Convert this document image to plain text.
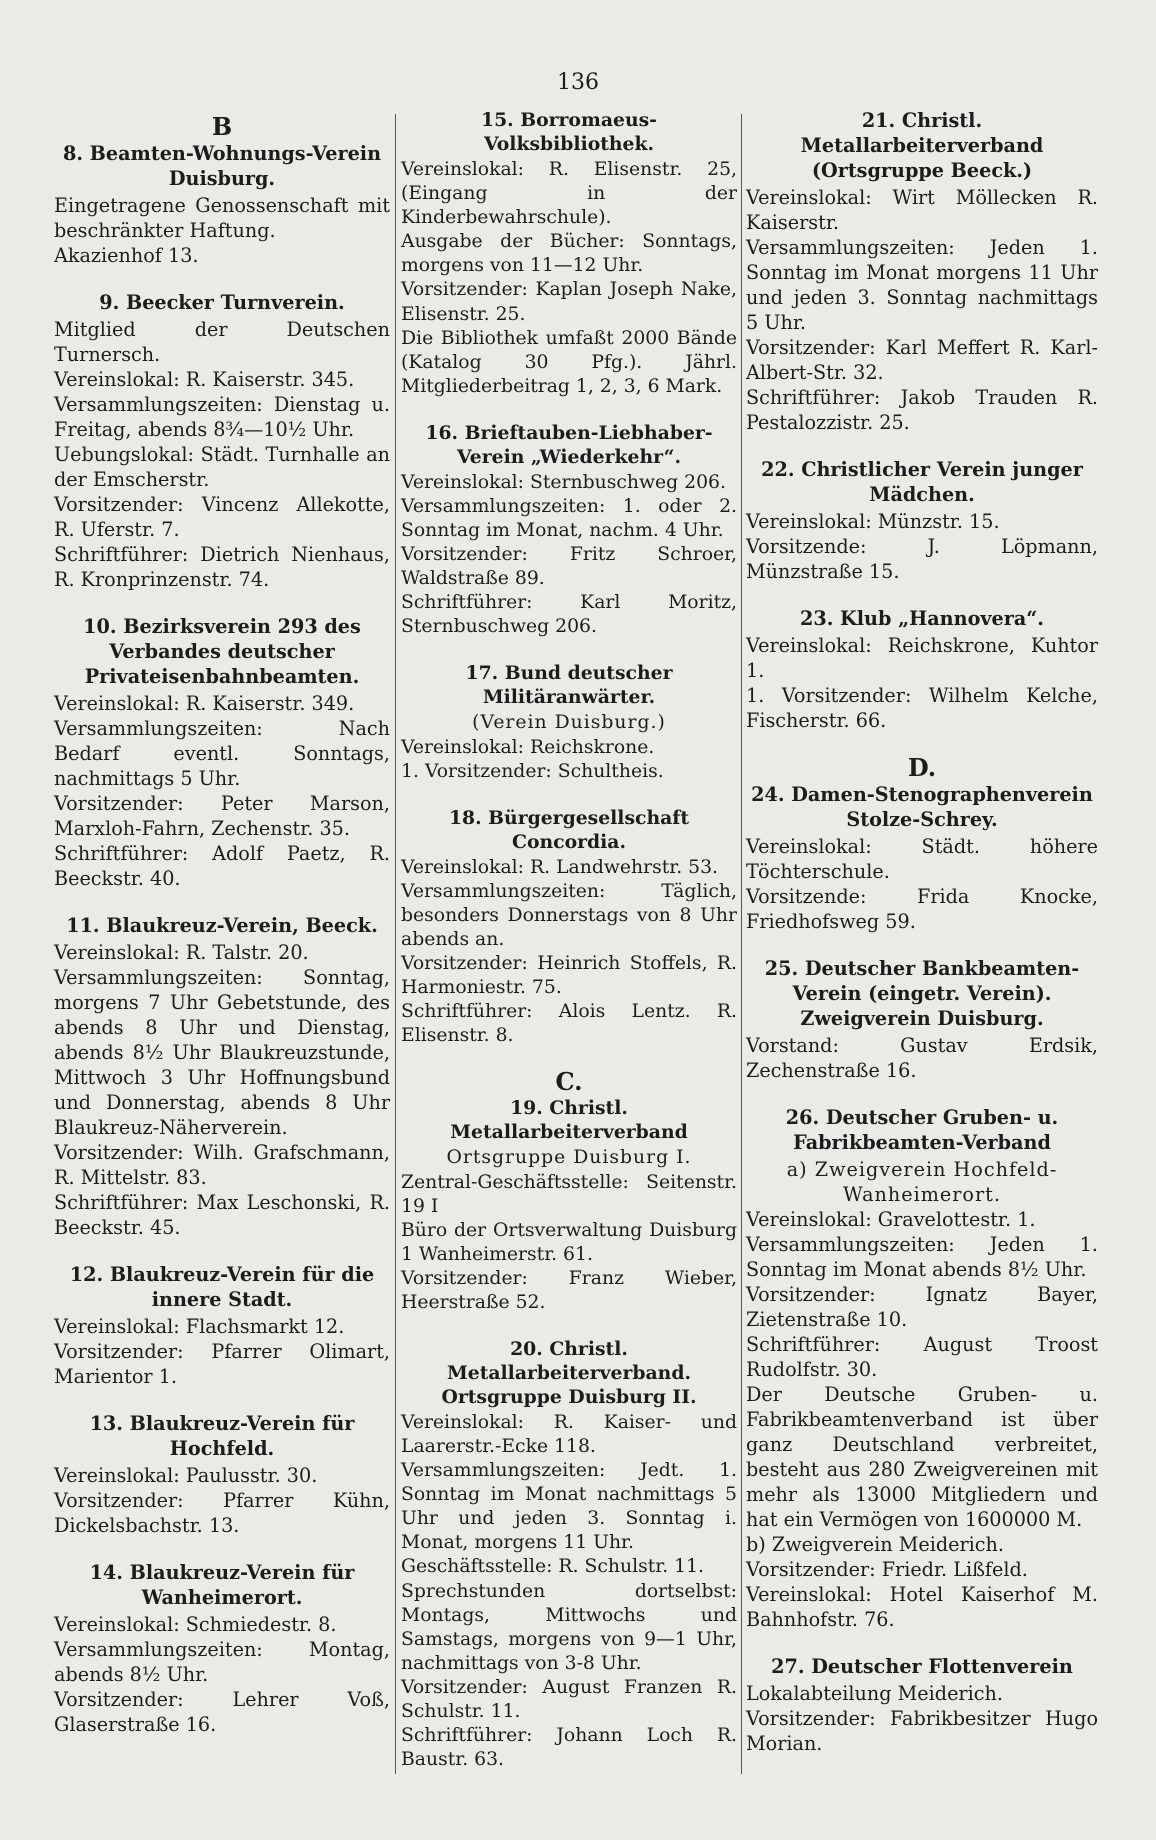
136
B
8. Beamten-Wohnungs-Verein Duisburg.
Eingetragene Genossenschaft mit beschränkter Haftung.
Akazienhof 13.
9. Beecker Turnverein.
Mitglied der Deutschen Turnersch.
Vereinslokal: R. Kaiserstr. 345.
Versammlungszeiten: Dienstag u. Freitag, abends 8¾—10½ Uhr.
Uebungslokal: Städt. Turnhalle an der Emscherstr.
Vorsitzender: Vincenz Allekotte, R. Uferstr. 7.
Schriftführer: Dietrich Nienhaus, R. Kronprinzenstr. 74.
10. Bezirksverein 293 des Verbandes deutscher Privateisenbahnbeamten.
Vereinslokal: R. Kaiserstr. 349.
Versammlungszeiten: Nach Bedarf eventl. Sonntags, nachmittags 5 Uhr.
Vorsitzender: Peter Marson, Marxloh-Fahrn, Zechenstr. 35.
Schriftführer: Adolf Paetz, R. Beeckstr. 40.
11. Blaukreuz-Verein, Beeck.
Vereinslokal: R. Talstr. 20.
Versammlungszeiten: Sonntag, morgens 7 Uhr Gebetstunde, des abends 8 Uhr und Dienstag, abends 8½ Uhr Blaukreuzstunde, Mittwoch 3 Uhr Hoffnungsbund und Donnerstag, abends 8 Uhr Blaukreuz-Näherverein.
Vorsitzender: Wilh. Grafschmann, R. Mittelstr. 83.
Schriftführer: Max Leschonski, R. Beeckstr. 45.
12. Blaukreuz-Verein für die innere Stadt.
Vereinslokal: Flachsmarkt 12.
Vorsitzender: Pfarrer Olimart, Marientor 1.
13. Blaukreuz-Verein für Hochfeld.
Vereinslokal: Paulusstr. 30.
Vorsitzender: Pfarrer Kühn, Dickelsbachstr. 13.
14. Blaukreuz-Verein für Wanheimerort.
Vereinslokal: Schmiedestr. 8.
Versammlungszeiten: Montag, abends 8½ Uhr.
Vorsitzender: Lehrer Voß, Glaserstraße 16.
15. Borromaeus-Volksbibliothek.
Vereinslokal: R. Elisenstr. 25, (Eingang in der Kinderbewahrschule).
Ausgabe der Bücher: Sonntags, morgens von 11—12 Uhr.
Vorsitzender: Kaplan Joseph Nake, Elisenstr. 25.
Die Bibliothek umfaßt 2000 Bände (Katalog 30 Pfg.). Jährl. Mitgliederbeitrag 1, 2, 3, 6 Mark.
16. Brieftauben-Liebhaber-Verein „Wiederkehr“.
Vereinslokal: Sternbuschweg 206.
Versammlungszeiten: 1. oder 2. Sonntag im Monat, nachm. 4 Uhr.
Vorsitzender: Fritz Schroer, Waldstraße 89.
Schriftführer: Karl Moritz, Sternbuschweg 206.
17. Bund deutscher Militäranwärter.
(Verein Duisburg.)
Vereinslokal: Reichskrone.
1. Vorsitzender: Schultheis.
18. Bürgergesellschaft Concordia.
Vereinslokal: R. Landwehrstr. 53.
Versammlungszeiten: Täglich, besonders Donnerstags von 8 Uhr abends an.
Vorsitzender: Heinrich Stoffels, R. Harmoniestr. 75.
Schriftführer: Alois Lentz. R. Elisenstr. 8.
C.
19. Christl. Metallarbeiterverband
Ortsgruppe Duisburg I.
Zentral-Geschäftsstelle: Seitenstr. 19 I
Büro der Ortsverwaltung Duisburg 1 Wanheimerstr. 61.
Vorsitzender: Franz Wieber, Heerstraße 52.
20. Christl. Metallarbeiterverband. Ortsgruppe Duisburg II.
Vereinslokal: R. Kaiser- und Laarerstr.-Ecke 118.
Versammlungszeiten: Jedt. 1. Sonntag im Monat nachmittags 5 Uhr und jeden 3. Sonntag i. Monat, morgens 11 Uhr.
Geschäftsstelle: R. Schulstr. 11.
Sprechstunden dortselbst: Montags, Mittwochs und Samstags, morgens von 9—1 Uhr, nachmittags von 3-8 Uhr.
Vorsitzender: August Franzen R. Schulstr. 11.
Schriftführer: Johann Loch R. Baustr. 63.
21. Christl. Metallarbeiterverband (Ortsgruppe Beeck.)
Vereinslokal: Wirt Möllecken R. Kaiserstr.
Versammlungszeiten: Jeden 1. Sonntag im Monat morgens 11 Uhr und jeden 3. Sonntag nachmittags 5 Uhr.
Vorsitzender: Karl Meffert R. Karl-Albert-Str. 32.
Schriftführer: Jakob Trauden R. Pestalozzistr. 25.
22. Christlicher Verein junger Mädchen.
Vereinslokal: Münzstr. 15.
Vorsitzende: J. Löpmann, Münzstraße 15.
23. Klub „Hannovera“.
Vereinslokal: Reichskrone, Kuhtor 1.
1. Vorsitzender: Wilhelm Kelche, Fischerstr. 66.
D.
24. Damen-Stenographenverein Stolze-Schrey.
Vereinslokal: Städt. höhere Töchterschule.
Vorsitzende: Frida Knocke, Friedhofsweg 59.
25. Deutscher Bankbeamten-Verein (eingetr. Verein). Zweigverein Duisburg.
Vorstand: Gustav Erdsik, Zechenstraße 16.
26. Deutscher Gruben- u. Fabrikbeamten-Verband
a) Zweigverein Hochfeld-Wanheimerort.
Vereinslokal: Gravelottestr. 1.
Versammlungszeiten: Jeden 1. Sonntag im Monat abends 8½ Uhr.
Vorsitzender: Ignatz Bayer, Zietenstraße 10.
Schriftführer: August Troost Rudolfstr. 30.
Der Deutsche Gruben- u. Fabrikbeamtenverband ist über ganz Deutschland verbreitet, besteht aus 280 Zweigvereinen mit mehr als 13000 Mitgliedern und hat ein Vermögen von 1600000 M.
b) Zweigverein Meiderich.
Vorsitzender: Friedr. Lißfeld.
Vereinslokal: Hotel Kaiserhof M. Bahnhofstr. 76.
27. Deutscher Flottenverein
Lokalabteilung Meiderich.
Vorsitzender: Fabrikbesitzer Hugo Morian.
